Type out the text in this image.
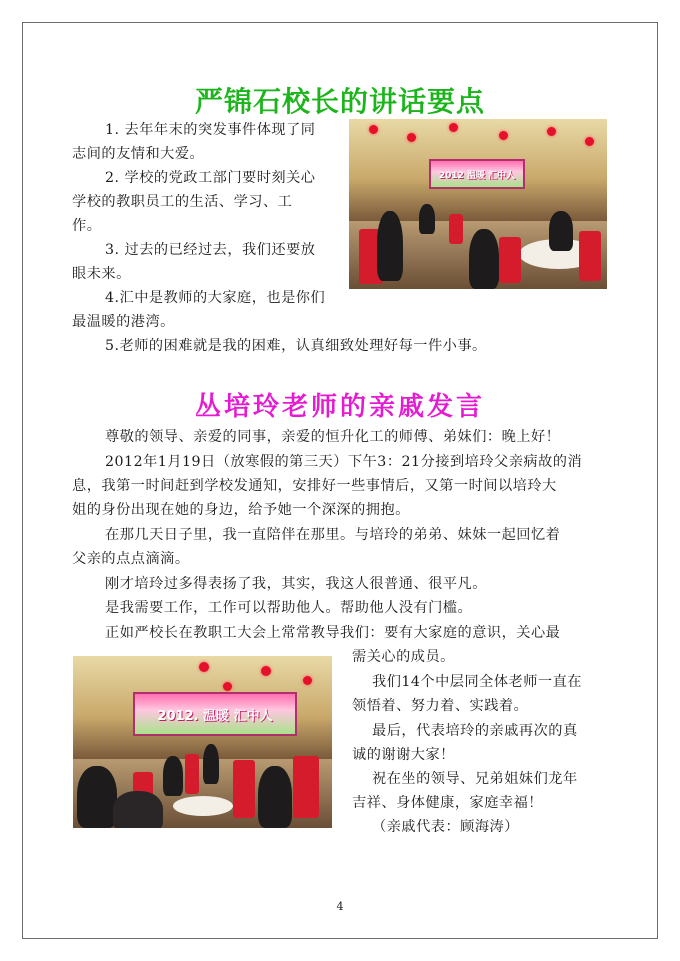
严锦石校长的讲话要点

1. 去年年末的突发事件体现了同

志间的友情和大爱。

2. 学校的党政工部门要时刻关心

学校的教职员工的生活、学习、工

作。

3. 过去的已经过去，我们还要放

眼未来。

4.汇中是教师的大家庭，也是你们

最温暖的港湾。

5.老师的困难就是我的困难，认真细致处理好每一件小事。

2012 温暖 汇中人
丛培玲老师的亲戚发言

尊敬的领导、亲爱的同事，亲爱的恒升化工的师傅、弟妹们：晚上好！

2012年1月19日（放寒假的第三天）下午3：21分接到培玲父亲病故的消

息，我第一时间赶到学校发通知，安排好一些事情后，又第一时间以培玲大

姐的身份出现在她的身边，给予她一个深深的拥抱。

在那几天日子里，我一直陪伴在那里。与培玲的弟弟、妹妹一起回忆着

父亲的点点滴滴。

刚才培玲过多得表扬了我，其实，我这人很普通、很平凡。

是我需要工作，工作可以帮助他人。帮助他人没有门槛。

正如严校长在教职工大会上常常教导我们：要有大家庭的意识，关心最

需关心的成员。

我们14个中层同全体老师一直在

领悟着、努力着、实践着。

最后，代表培玲的亲戚再次的真

诚的谢谢大家！

祝在坐的领导、兄弟姐妹们龙年

吉祥、身体健康，家庭幸福！

（亲戚代表：顾海涛）

2012. 温暖 汇中人
4
